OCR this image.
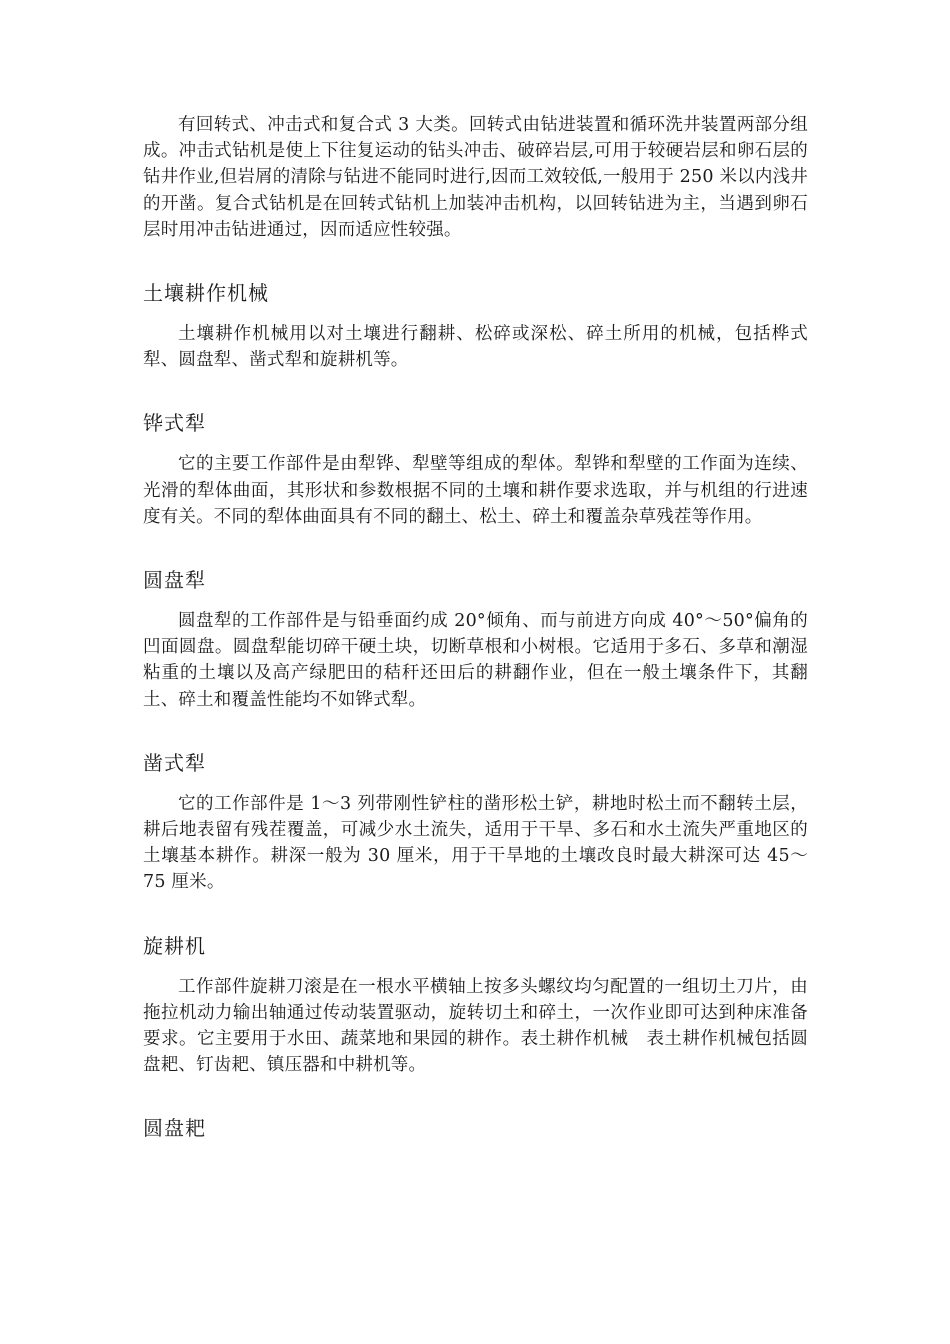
有回转式、冲击式和复合式 3 大类。回转式由钻进装置和循环洗井装置两部分组成。冲击式钻机是使上下往复运动的钻头冲击、破碎岩层,可用于较硬岩层和卵石层的钻井作业,但岩屑的清除与钻进不能同时进行,因而工效较低,一般用于 250 米以内浅井的开凿。复合式钻机是在回转式钻机上加装冲击机构，以回转钻进为主，当遇到卵石层时用冲击钻进通过，因而适应性较强。

土壤耕作机械

土壤耕作机械用以对土壤进行翻耕、松碎或深松、碎土所用的机械，包括桦式犁、圆盘犁、凿式犁和旋耕机等。

铧式犁

它的主要工作部件是由犁铧、犁壁等组成的犁体。犁铧和犁壁的工作面为连续、光滑的犁体曲面，其形状和参数根据不同的土壤和耕作要求选取，并与机组的行进速度有关。不同的犁体曲面具有不同的翻土、松土、碎土和覆盖杂草残茬等作用。

圆盘犁

圆盘犁的工作部件是与铅垂面约成 20°倾角、而与前进方向成 40°～50°偏角的凹面圆盘。圆盘犁能切碎干硬土块，切断草根和小树根。它适用于多石、多草和潮湿粘重的土壤以及高产绿肥田的秸秆还田后的耕翻作业，但在一般土壤条件下，其翻土、碎土和覆盖性能均不如铧式犁。

凿式犁

它的工作部件是 1～3 列带刚性铲柱的凿形松土铲，耕地时松土而不翻转土层，耕后地表留有残茬覆盖，可减少水土流失，适用于干旱、多石和水土流失严重地区的土壤基本耕作。耕深一般为 30 厘米，用于干旱地的土壤改良时最大耕深可达 45～75 厘米。

旋耕机

工作部件旋耕刀滚是在一根水平横轴上按多头螺纹均匀配置的一组切土刀片，由拖拉机动力输出轴通过传动装置驱动，旋转切土和碎土，一次作业即可达到种床准备要求。它主要用于水田、蔬菜地和果园的耕作。表土耕作机械　表土耕作机械包括圆盘耙、钉齿耙、镇压器和中耕机等。

圆盘耙
